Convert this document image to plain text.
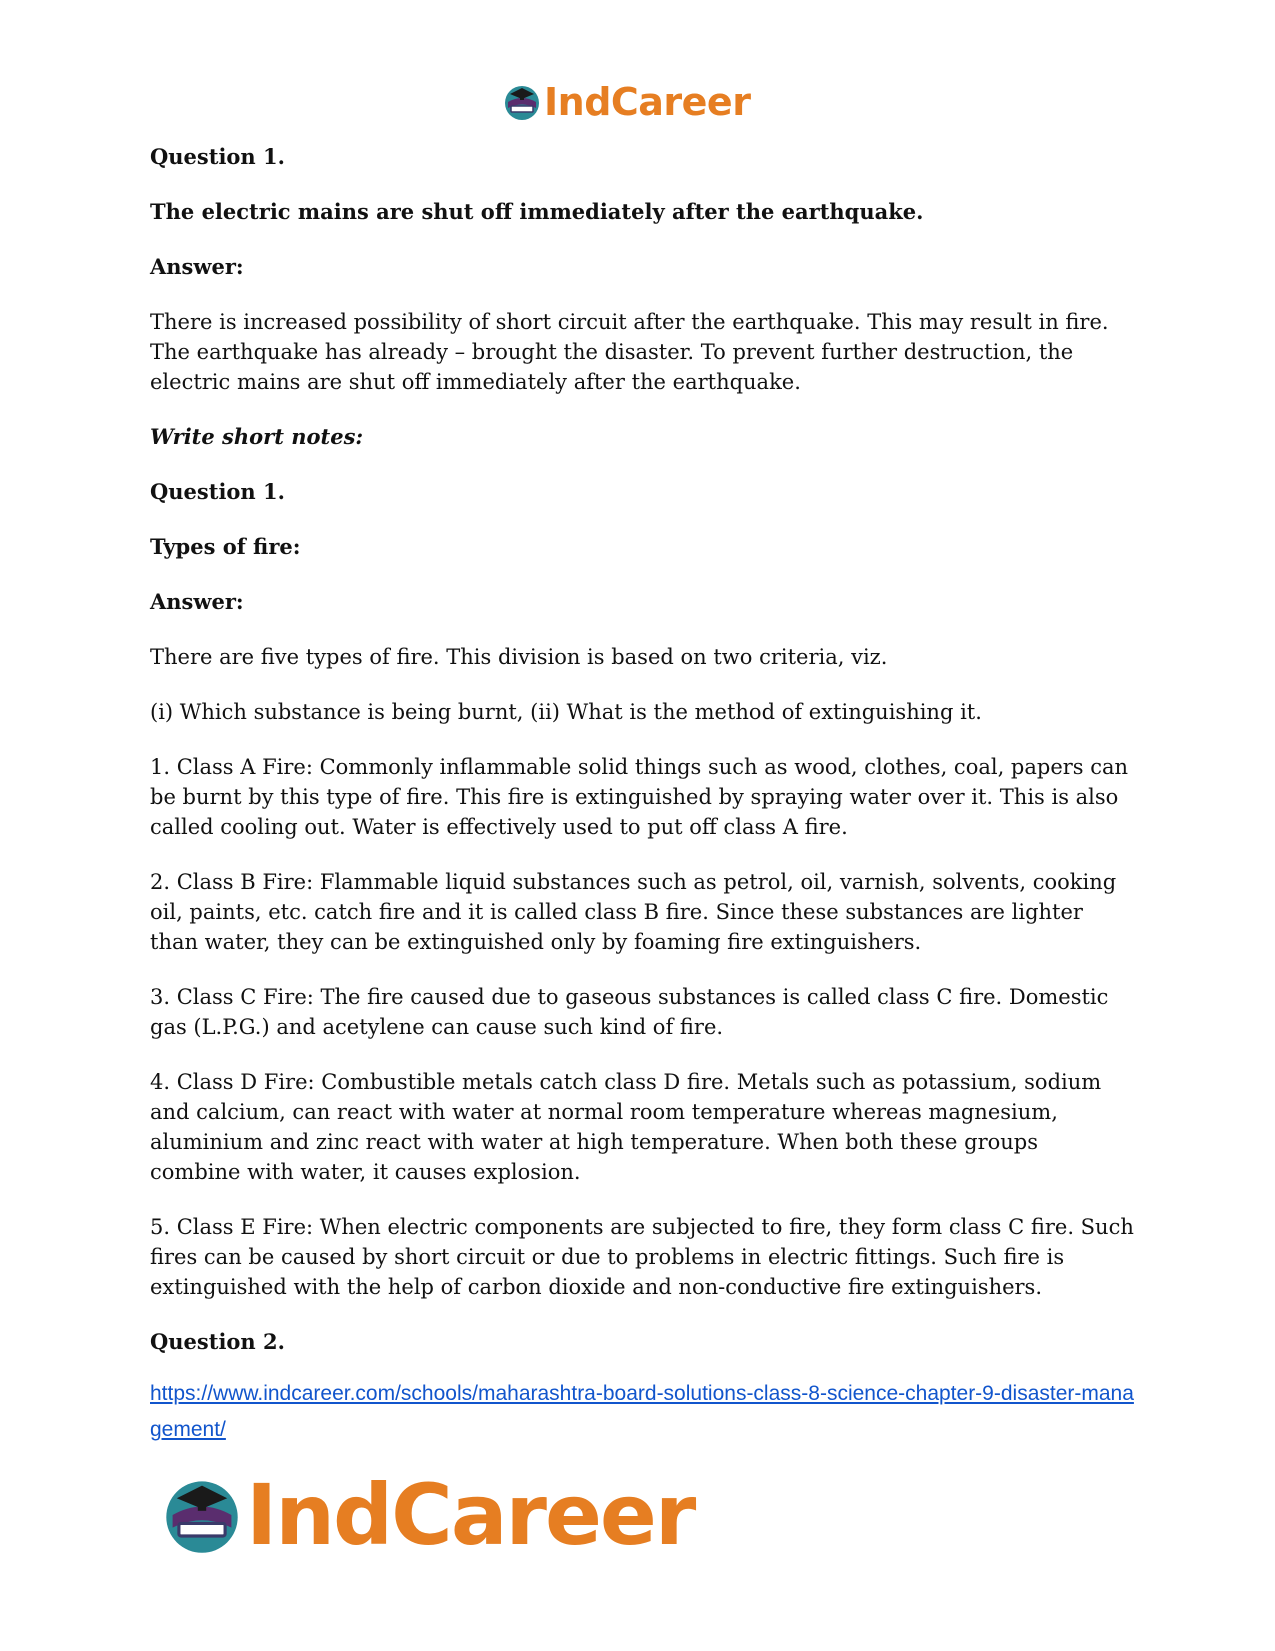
IndCareer

Question 1.

The electric mains are shut off immediately after the earthquake.

Answer:

There is increased possibility of short circuit after the earthquake. This may result in fire. The earthquake has already – brought the disaster. To prevent further destruction, the electric mains are shut off immediately after the earthquake.

Write short notes:

Question 1.

Types of fire:

Answer:

There are five types of fire. This division is based on two criteria, viz.

(i) Which substance is being burnt, (ii) What is the method of extinguishing it.

1. Class A Fire: Commonly inflammable solid things such as wood, clothes, coal, papers can be burnt by this type of fire. This fire is extinguished by spraying water over it. This is also called cooling out. Water is effectively used to put off class A fire.

2. Class B Fire: Flammable liquid substances such as petrol, oil, varnish, solvents, cooking oil, paints, etc. catch fire and it is called class B fire. Since these substances are lighter than water, they can be extinguished only by foaming fire extinguishers.

3. Class C Fire: The fire caused due to gaseous substances is called class C fire. Domestic gas (L.P.G.) and acetylene can cause such kind of fire.

4. Class D Fire: Combustible metals catch class D fire. Metals such as potassium, sodium and calcium, can react with water at normal room temperature whereas magnesium, aluminium and zinc react with water at high temperature. When both these groups combine with water, it causes explosion.

5. Class E Fire: When electric components are subjected to fire, they form class C fire. Such fires can be caused by short circuit or due to problems in electric fittings. Such fire is extinguished with the help of carbon dioxide and non-conductive fire extinguishers.

Question 2.

https://www.indcareer.com/schools/maharashtra-board-solutions-class-8-science-chapter-9-disaster-management/
IndCareer
